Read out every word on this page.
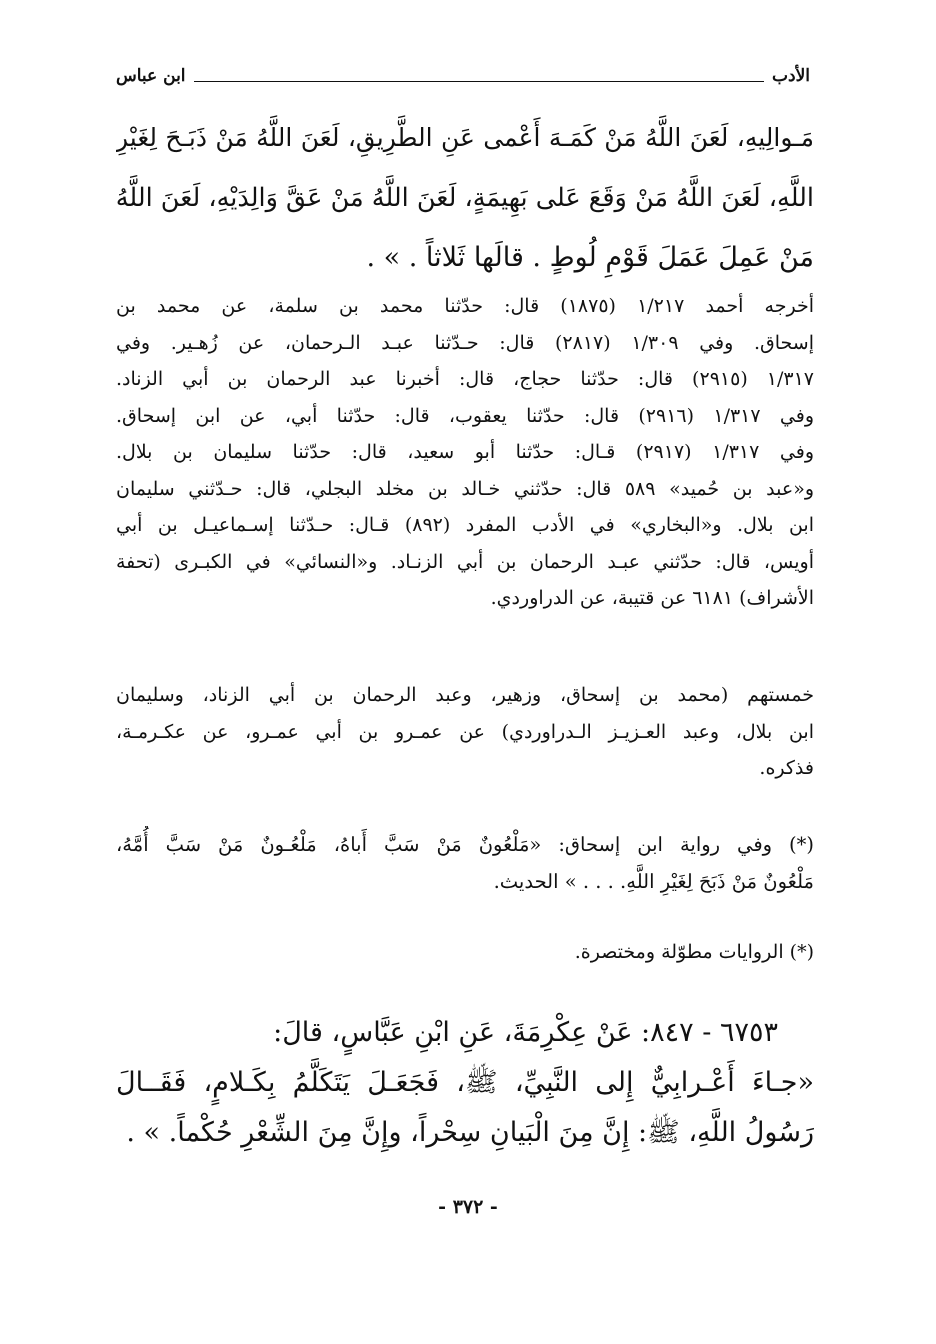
الأدب
ابن عباس
مَـوالِيهِ، لَعَنَ اللَّهُ مَنْ كَمَـهَ أَعْمى عَنِ الطَّرِيقِ، لَعَنَ اللَّهُ مَنْ ذَبَـحَ لِغَيْرِ
اللَّهِ، لَعَنَ اللَّهُ مَنْ وَقَعَ عَلى بَهِيمَةٍ، لَعَنَ اللَّهُ مَنْ عَقَّ وَالِدَيْهِ، لَعَنَ اللَّهُ
مَنْ عَمِلَ عَمَلَ قَوْمِ لُوطٍ . قالَها ثَلاثاً . » .
أخرجه أحمد ١/٢١٧ (١٨٧٥) قال: حدّثنا محمد بن سلمة، عن محمد بن
إسحاق. وفي ١/٣٠٩ (٢٨١٧) قال: حـدّثنا عبـد الـرحمان، عن زُهـير. وفي
١/٣١٧ (٢٩١٥) قال: حدّثنا حجاج، قال: أخبرنا عبد الرحمان بن أبي الزناد.
وفي ١/٣١٧ (٢٩١٦) قال: حدّثنا يعقوب، قال: حدّثنا أبي، عن ابن إسحاق.
وفي ١/٣١٧ (٢٩١٧) قـال: حدّثنا أبو سعيد، قال: حدّثنا سليمان بن بلال.
و«عبد بن حُميد» ٥٨٩ قال: حدّثني خـالد بن مخلد البجلي، قال: حـدّثني سليمان
ابن بلال. و«البخاري» في الأدب المفرد (٨٩٢) قـال: حـدّثنا إسـماعيـل بن أبي
أويس، قال: حدّثني عبـد الرحمان بن أبي الزنـاد. و«النسائي» في الكبـرى (تحفة
الأشراف) ٦١٨١ عن قتيبة، عن الدراوردي.
خمستهم (محمد بن إسحاق، وزهير، وعبد الرحمان بن أبي الزناد، وسليمان
ابن بلال، وعبد العـزيـز الـدراوردي) عن عمـرو بن أبي عمـرو، عن عكـرمـة،
فذكره.
(*) وفي رواية ابن إسحاق: «مَلْعُونٌ مَنْ سَبَّ أَباهُ، مَلْعُـونٌ مَنْ سَبَّ أُمَّهُ،
مَلْعُونٌ مَنْ ذَبَحَ لِغَيْرِ اللَّهِ. . . . » الحديث.
(*) الروايات مطوّلة ومختصرة.
٦٧٥٣ - ٨٤٧: عَنْ عِكْرِمَةَ، عَنِ ابْنِ عَبَّاسٍ، قالَ:
«جـاءَ أَعْـرابِيٌّ إِلى النَّبِيِّ، ﷺ، فَجَعَـلَ يَتَكَلَّمُ بِكَـلامٍ، فَقَــالَ
رَسُولُ اللَّهِ، ﷺ: إِنَّ مِنَ الْبَيانِ سِحْراً، وإِنَّ مِنَ الشِّعْرِ حُكْماً. » .
- ٣٧٢ -
